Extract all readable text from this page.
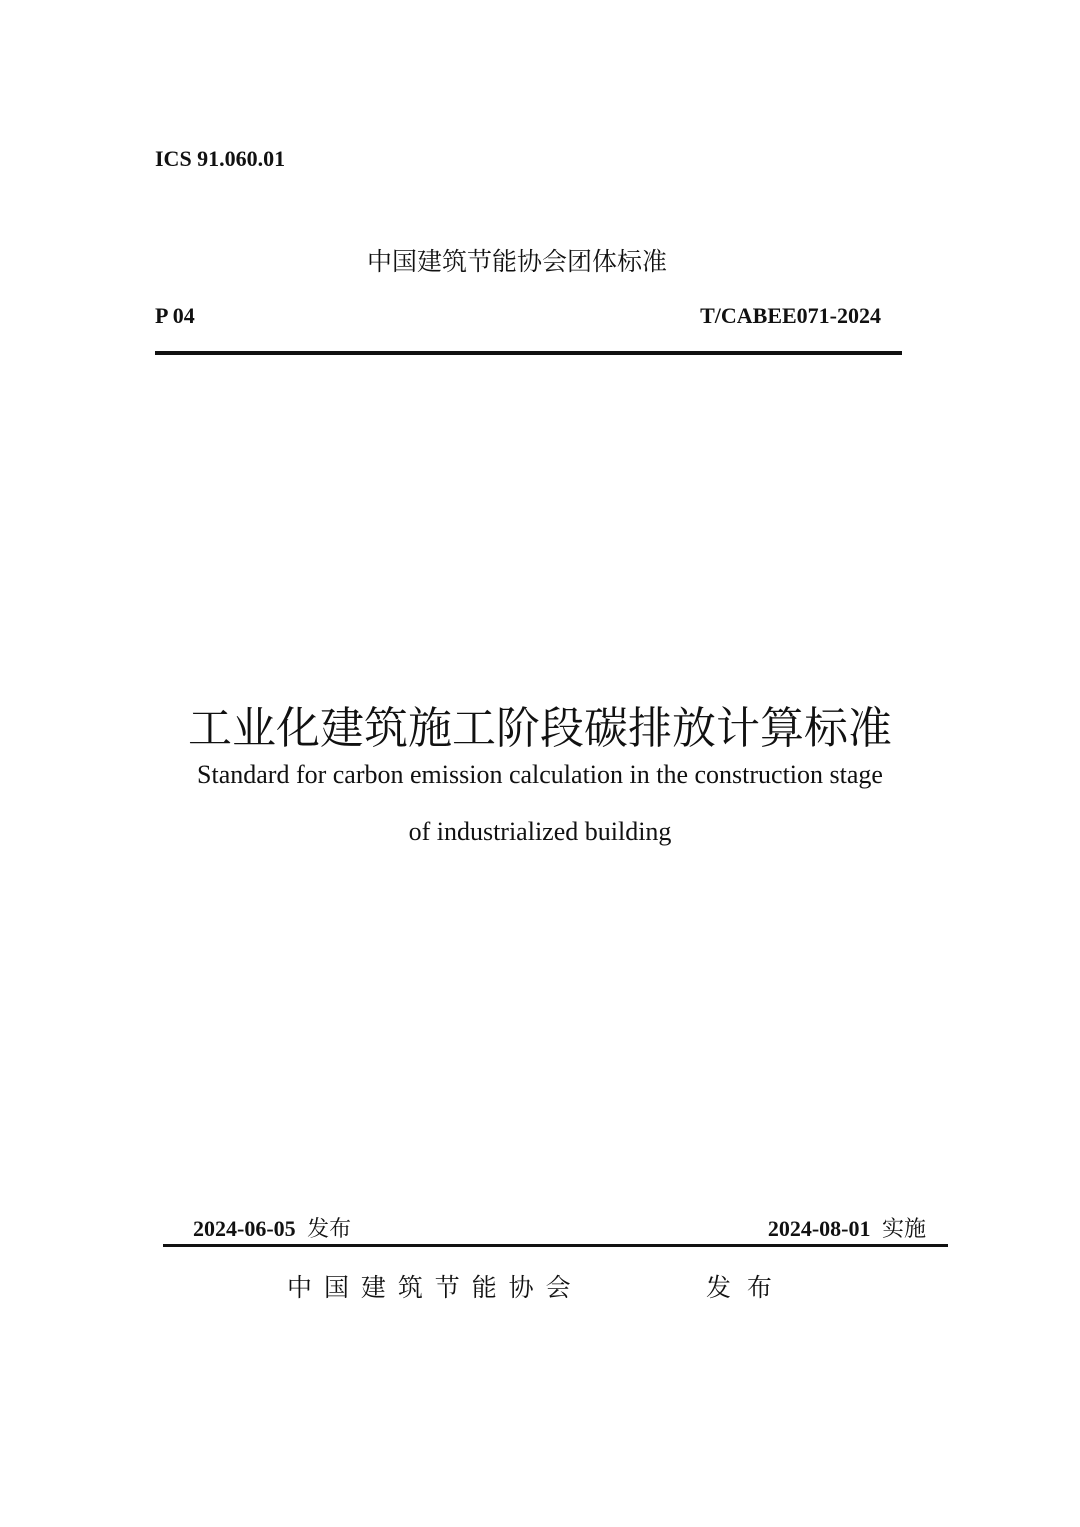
ICS 91.060.01
中国建筑节能协会团体标准
P 04	T/CABEE071-2024
工业化建筑施工阶段碳排放计算标准
Standard for carbon emission calculation in the construction stage
of industrialized building
2024-06-05 发布	2024-08-01 实施
中 国 建 筑 节 能 协 会	发  布
